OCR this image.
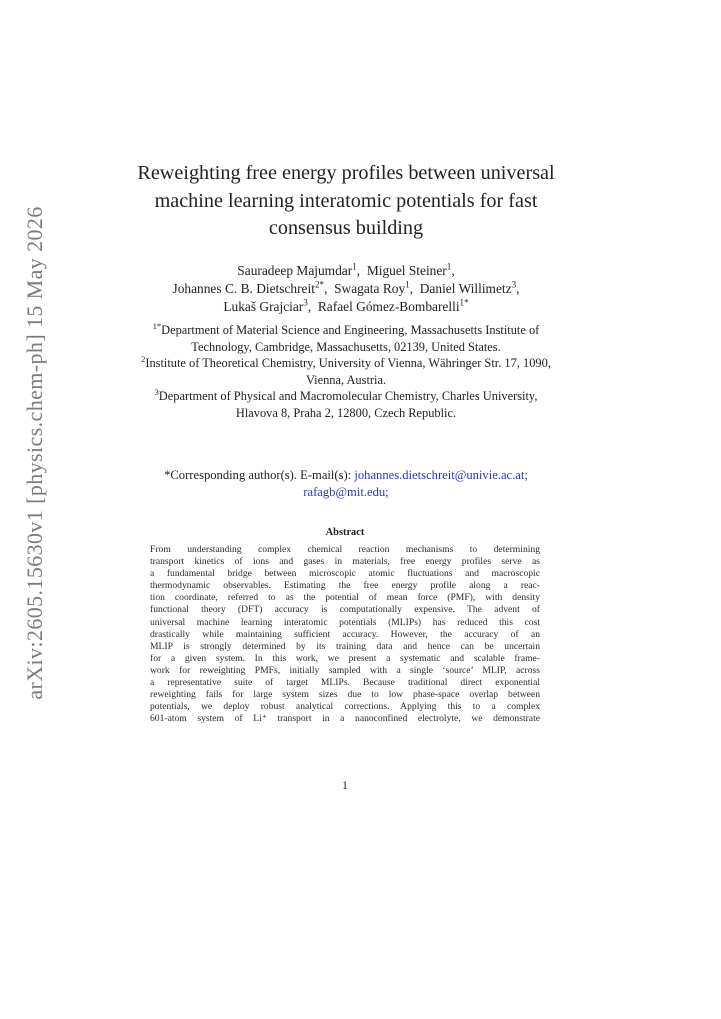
arXiv:2605.15630v1 [physics.chem-ph] 15 May 2026
Reweighting free energy profiles between universal
machine learning interatomic potentials for fast
consensus building
Sauradeep Majumdar$^1$,  Miguel Steiner$^1$,
Johannes C. B. Dietschreit$^{2*}$,  Swagata Roy$^1$,  Daniel Willimetz$^3$,
Lukaš Grajciar$^3$,  Rafael Gómez-Bombarelli$^{1*}$
$^{1*}$Department of Material Science and Engineering, Massachusetts Institute of Technology, Cambridge, Massachusetts, 02139, United States.
$^2$Institute of Theoretical Chemistry, University of Vienna, Währinger Str. 17, 1090, Vienna, Austria.
$^3$Department of Physical and Macromolecular Chemistry, Charles University, Hlavova 8, Praha 2, 12800, Czech Republic.
*Corresponding author(s). E-mail(s): johannes.dietschreit@univie.ac.at;
rafagb@mit.edu;
Abstract
From understanding complex chemical reaction mechanisms to determining
transport kinetics of ions and gases in materials, free energy profiles serve as
a fundamental bridge between microscopic atomic fluctuations and macroscopic
thermodynamic observables. Estimating the free energy profile along a reac-
tion coordinate, referred to as the potential of mean force (PMF), with density
functional theory (DFT) accuracy is computationally expensive. The advent of
universal machine learning interatomic potentials (MLIPs) has reduced this cost
drastically while maintaining sufficient accuracy. However, the accuracy of an
MLIP is strongly determined by its training data and hence can be uncertain
for a given system. In this work, we present a systematic and scalable frame-
work for reweighting PMFs, initially sampled with a single ‘source’ MLIP, across
a representative suite of target MLIPs. Because traditional direct exponential
reweighting fails for large system sizes due to low phase-space overlap between
potentials, we deploy robust analytical corrections. Applying this to a complex
601-atom system of Li⁺ transport in a nanoconfined electrolyte, we demonstrate
1
